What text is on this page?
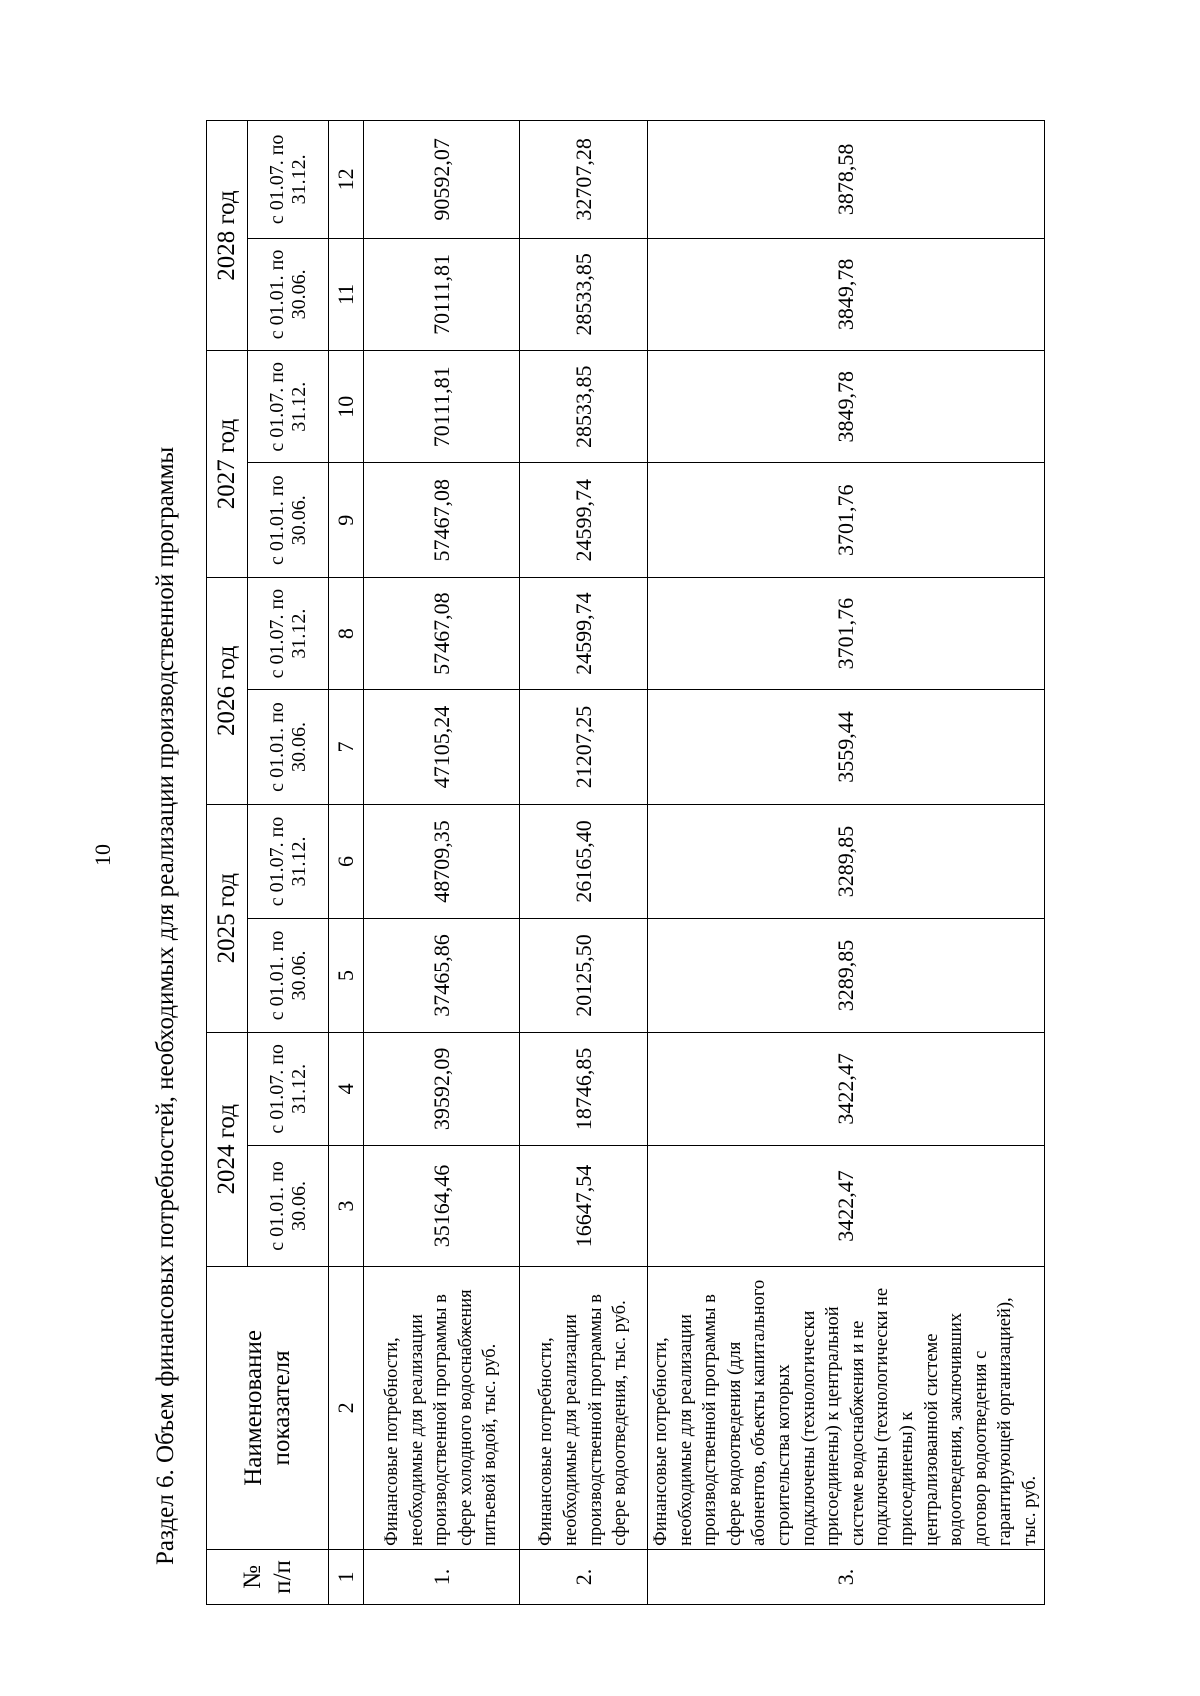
10 Раздел 6. Объем финансовых потребностей, необходимых для реализации производственной программы
№ п/п	Наименование показателя	2024 год		2025 год		2026 год		2027 год		2028 год	
		с 01.01. по 30.06.	с 01.07. по 31.12.	с 01.01. по 30.06.	с 01.07. по 31.12.	с 01.01. по 30.06.	с 01.07. по 31.12.	с 01.01. по 30.06.	с 01.07. по 31.12.	с 01.01. по 30.06.	с 01.07. по 31.12.
1	2	3	4	5	6	7	8	9	10	11	12
1.	Финансовые потребности, необходимые для реализации производственной программы в сфере холодного водоснабжения питьевой водой, тыс. руб.	35164,46	39592,09	37465,86	48709,35	47105,24	57467,08	57467,08	70111,81	70111,81	90592,07
2.	Финансовые потребности, необходимые для реализации производственной программы в сфере водоотведения, тыс. руб.	16647,54	18746,85	20125,50	26165,40	21207,25	24599,74	24599,74	28533,85	28533,85	32707,28
3.	Финансовые потребности, необходимые для реализации производственной программы в сфере водоотведения (для абонентов, объекты капитального строительства которых подключены (технологически присоединены) к центральной системе водоснабжения и не подключены (технологически не присоединены) к централизованной системе водоотведения, заключивших договор водоотведения с гарантирующей организацией), тыс. руб.	3422,47	3422,47	3289,85	3289,85	3559,44	3701,76	3701,76	3849,78	3849,78	3878,58
